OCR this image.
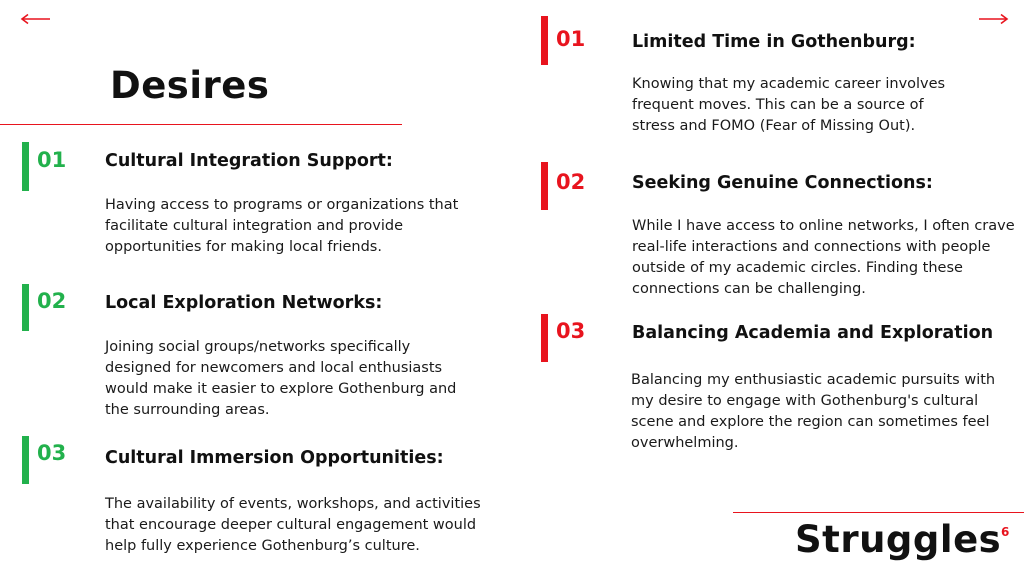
Desires
01 Cultural Integration Support:
Having access to programs or organizations that facilitate cultural integration and provide opportunities for making local friends.
02 Local Exploration Networks:
Joining social groups/networks specifically designed for newcomers and local enthusiasts would make it easier to explore Gothenburg and the surrounding areas.
03 Cultural Immersion Opportunities:
The availability of events, workshops, and activities that encourage deeper cultural engagement would help fully experience Gothenburg’s culture.
01	Limited Time in Gothenburg:
Knowing that my academic career involves frequent moves. This can be a source of stress and FOMO (Fear of Missing Out).
02	Seeking Genuine Connections:
While I have access to online networks, I often crave real-life interactions and connections with people outside of my academic circles. Finding these connections can be challenging.
03	Balancing Academia and Exploration
Balancing my enthusiastic academic pursuits with my desire to engage with Gothenburg's cultural scene and explore the region can sometimes feel overwhelming.
Struggles 6
